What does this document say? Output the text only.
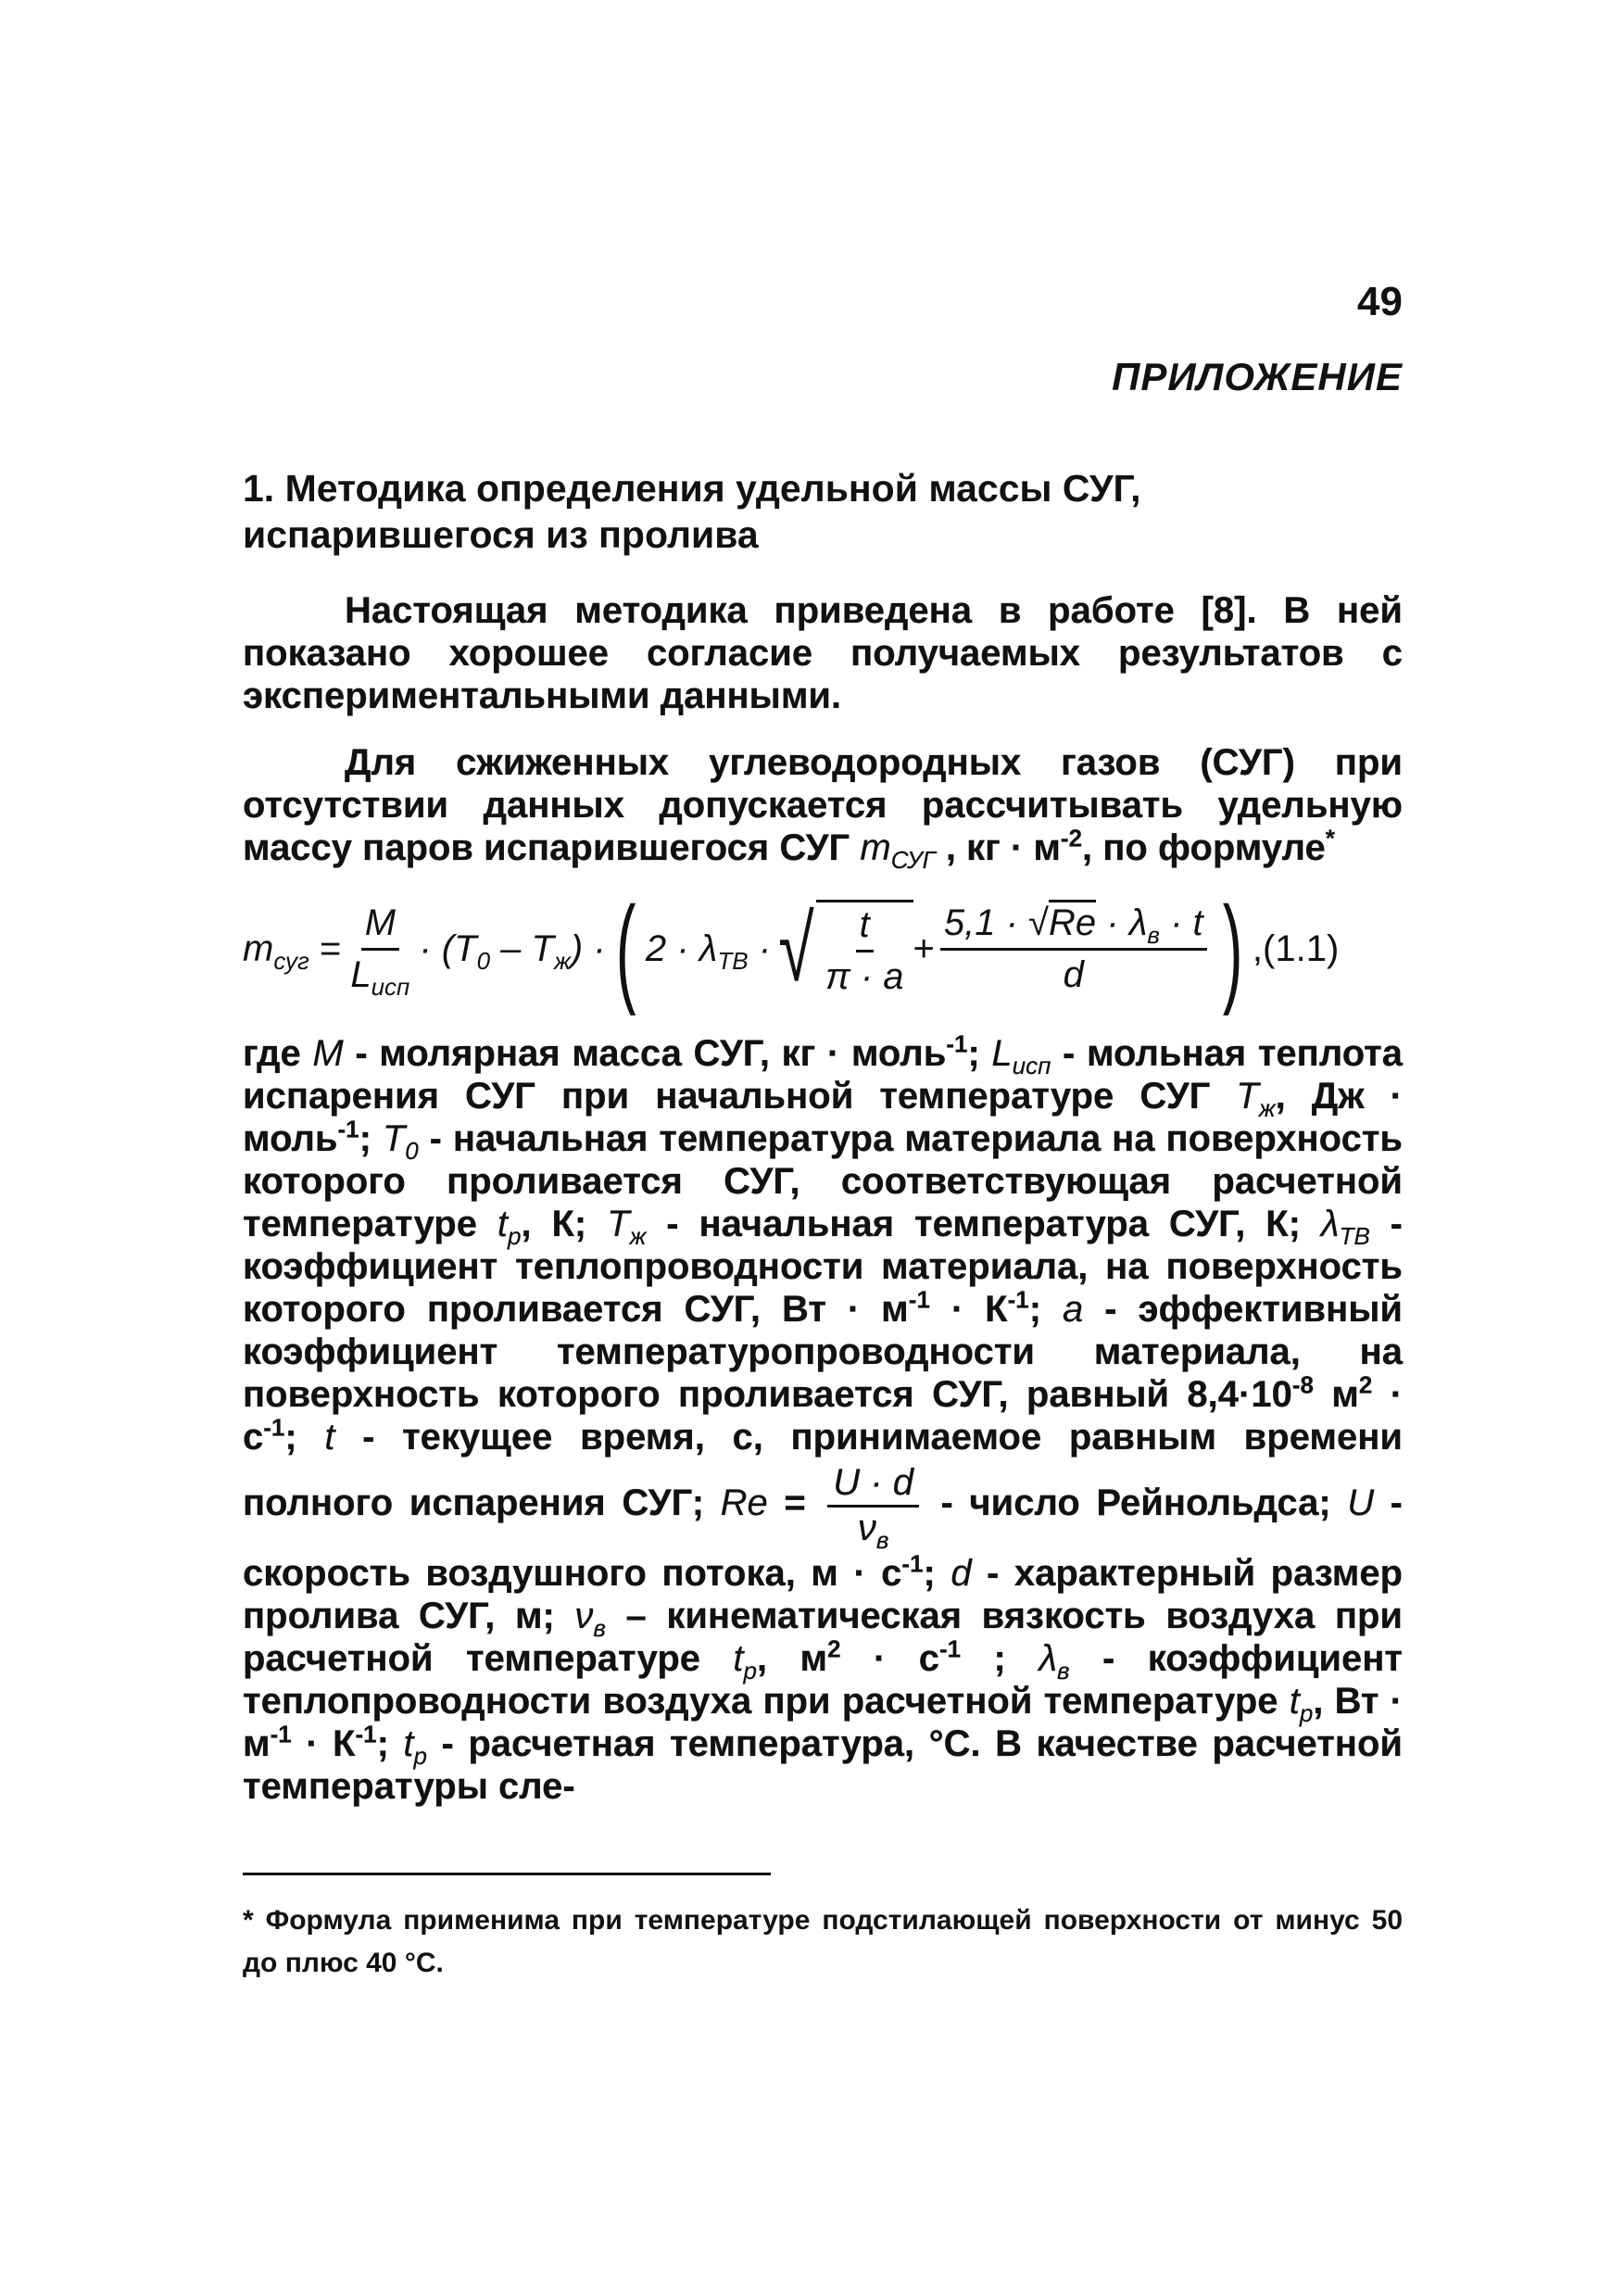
49
ПРИЛОЖЕНИЕ
1. Методика определения удельной массы СУГ, испарившегося из пролива
Настоящая методика приведена в работе [8]. В ней показано хорошее согласие получаемых результатов с экспериментальными данными.
Для сжиженных углеводородных газов (СУГ) при отсутствии данных допускается рассчитывать удельную массу паров испарившегося СУГ $m_{СУГ}$ , кг · $м^{-2}$, по формуле*
$m_{суг} = \frac{M}{L_{исп}} \cdot (T_0 - T_ж)$ · ( $2 \cdot \lambda_{ТВ}$ · √ $\frac{t}{\pi \cdot a} + \frac{5,1 \cdot √Re \cdot \lambda_в \cdot t}{d}$ ) ,(1.1)
где M - молярная масса СУГ, кг · моль$^{-1}$; $L_{исп}$ - мольная теплота испарения СУГ при начальной температуре СУГ $T_ж$, Дж · моль$^{-1}$; $T_0$ - начальная температура материала на поверхность которого проливается СУГ, соответствующая расчетной температуре $t_p$, К; $T_ж$ - начальная температура СУГ, К; $\lambda_{ТВ}$ - коэффициент теплопроводности материала, на поверхность которого проливается СУГ, Вт · $м^{-1} \cdot К^{-1}$; a - эффективный коэффициент температуропроводности материала, на поверхность которого проливается СУГ, равный $8,4\cdot 10^{-8}$ $м^2 \cdot с^{-1}$; t - текущее время, с, принимаемое равным времени полного испарения СУГ; $Re = \frac{U \cdot d}{\nu_в}$ - число Рейнольдса; U - скорость воздушного потока, $м \cdot с^{-1}$; d - характерный размер пролива СУГ, м; $\nu_в$ – кинематическая вязкость воздуха при расчетной температуре $t_p$, $м^2 \cdot с^{-1}$ ; $\lambda_в$ - коэффициент теплопроводности воздуха при расчетной температуре $t_p$, Вт · $м^{-1} \cdot К^{-1}$; $t_p$ - расчетная температура, °С. В качестве расчетной температуры сле-
* Формула применима при температуре подстилающей поверхности от минус 50 до плюс 40 °С.
